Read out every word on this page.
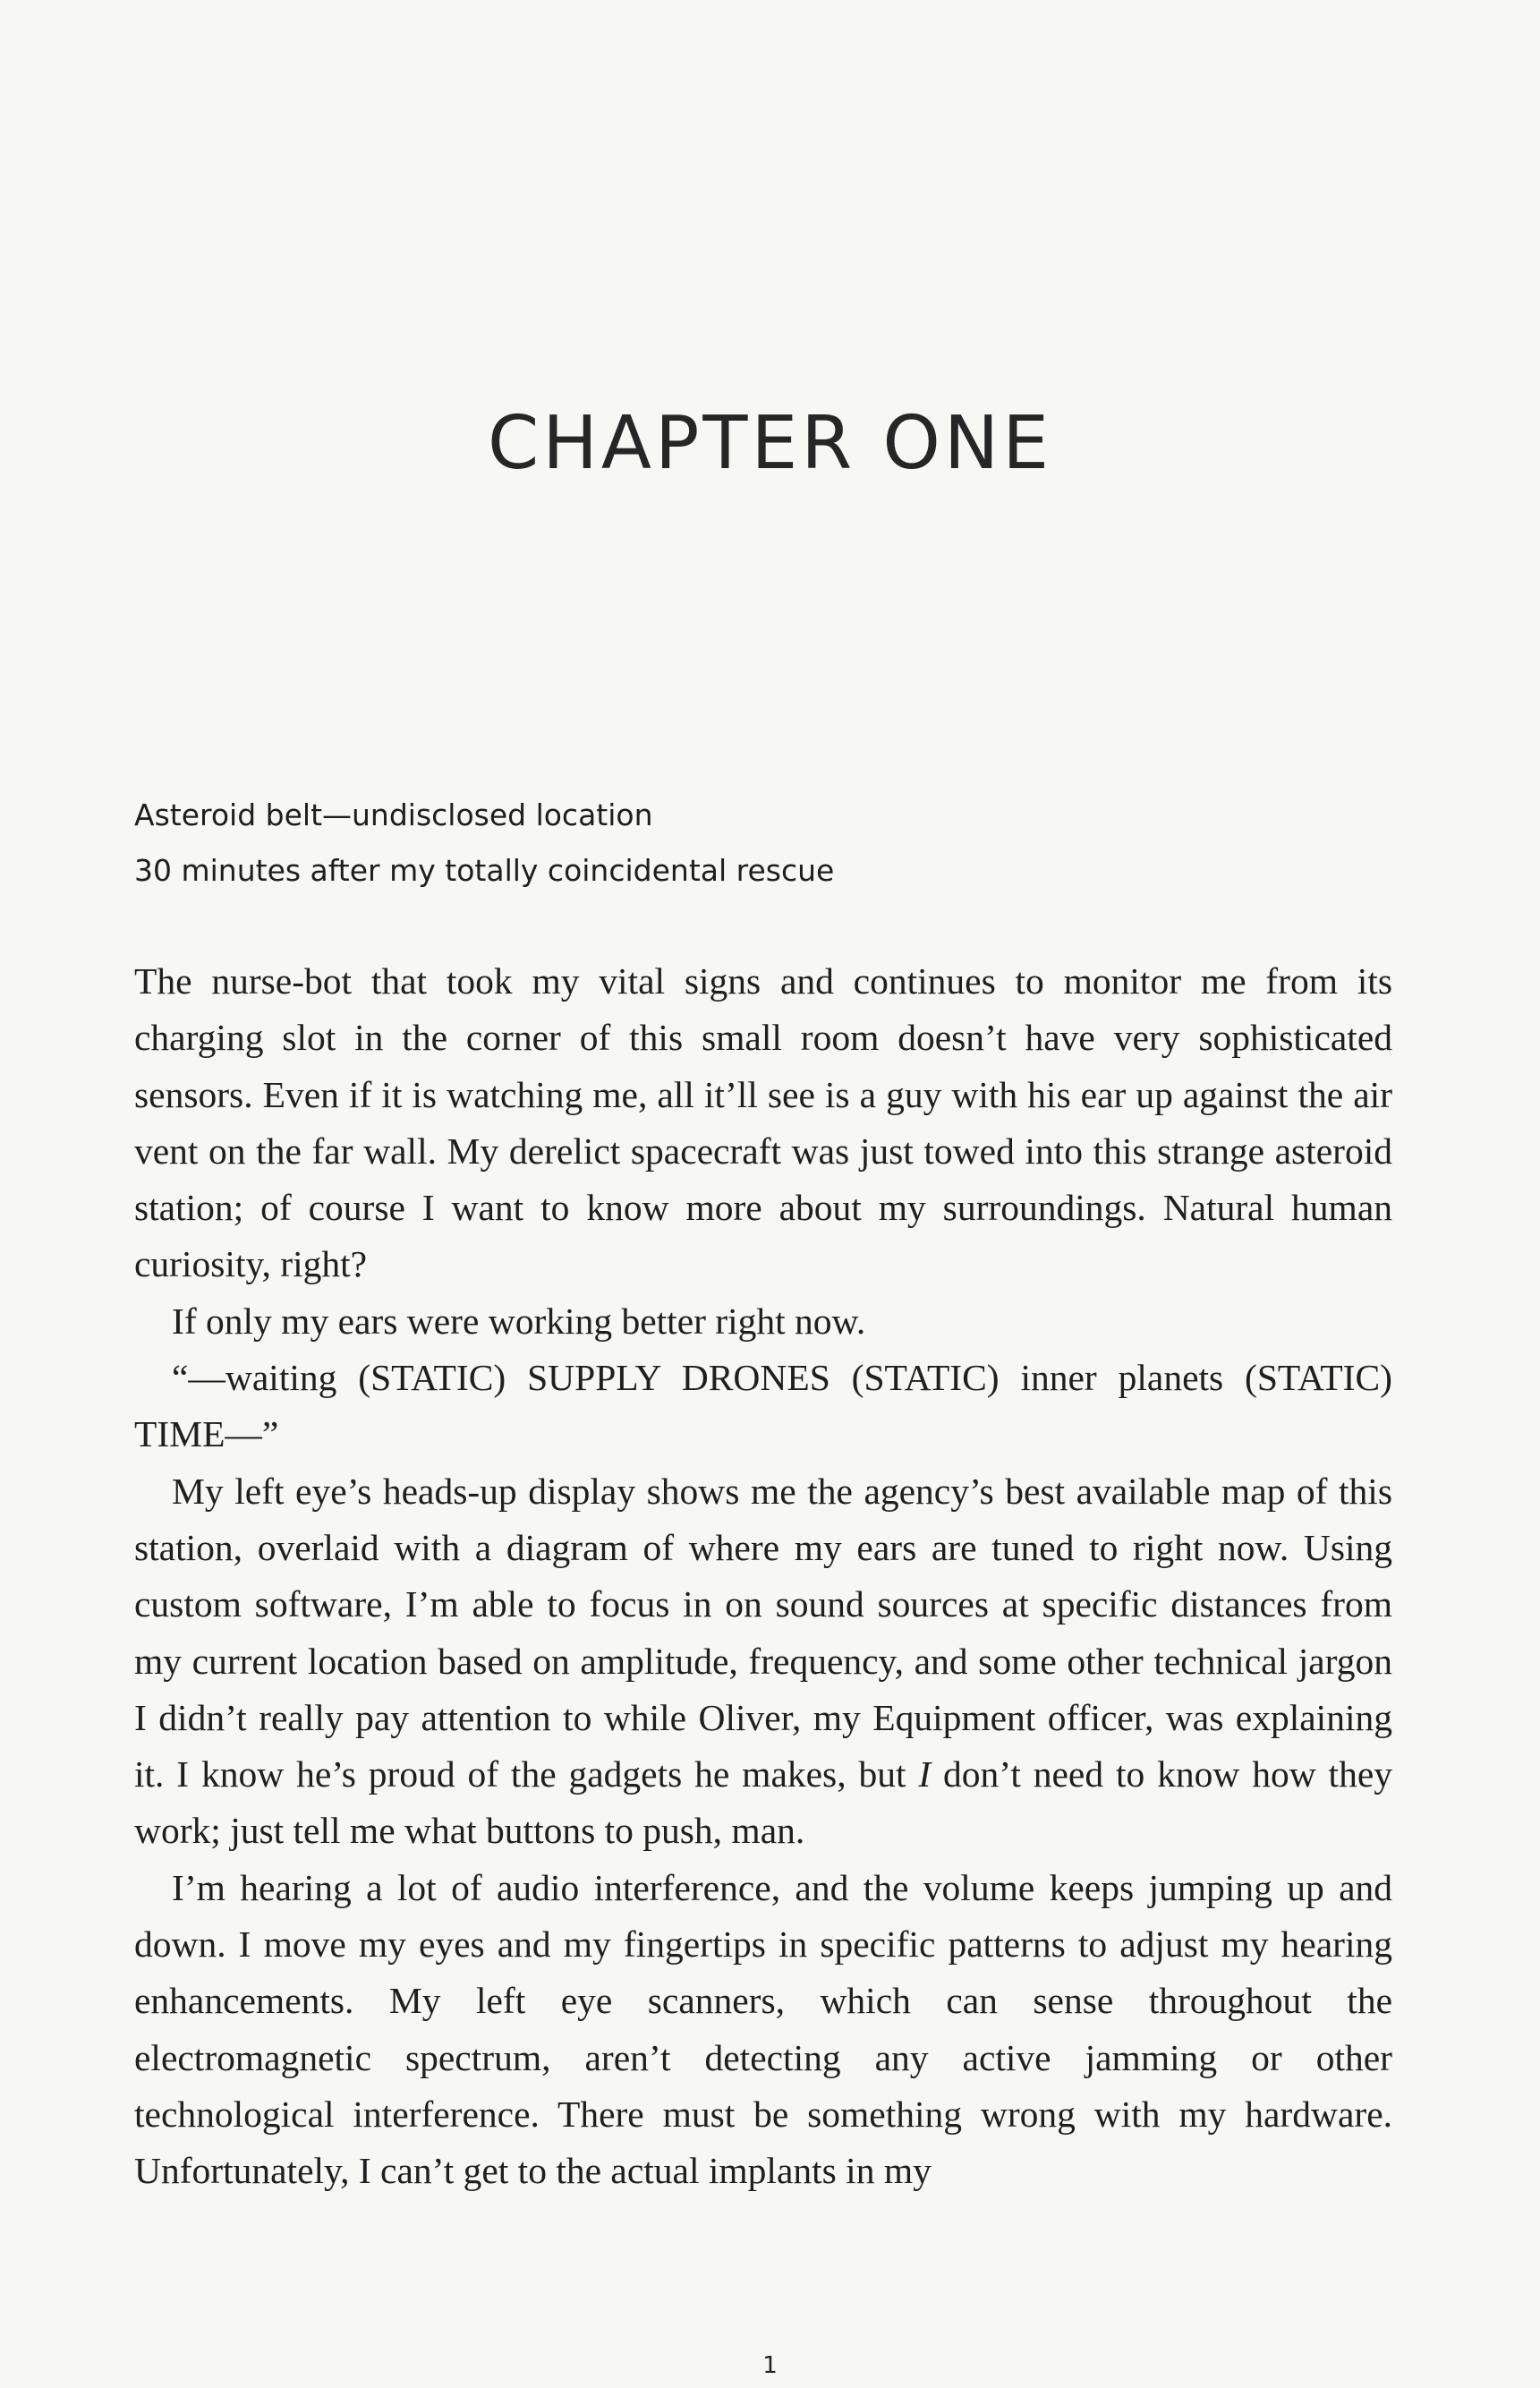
CHAPTER ONE
Asteroid belt—undisclosed location
30 minutes after my totally coincidental rescue

The nurse-bot that took my vital signs and continues to monitor me from its charging slot in the corner of this small room doesn’t have very sophisticated sensors. Even if it is watching me, all it’ll see is a guy with his ear up against the air vent on the far wall. My derelict spacecraft was just towed into this strange asteroid station; of course I want to know more about my surroundings. Natural human curiosity, right?

If only my ears were working better right now.

“—waiting (STATIC) SUPPLY DRONES (STATIC) inner planets (STATIC) TIME—”

My left eye’s heads-up display shows me the agency’s best available map of this station, overlaid with a diagram of where my ears are tuned to right now. Using custom software, I’m able to focus in on sound sources at specific distances from my current location based on amplitude, frequency, and some other technical jargon I didn’t really pay attention to while Oliver, my Equipment officer, was explaining it. I know he’s proud of the gadgets he makes, but I don’t need to know how they work; just tell me what buttons to push, man.

I’m hearing a lot of audio interference, and the volume keeps jumping up and down. I move my eyes and my fingertips in specific patterns to adjust my hearing enhancements. My left eye scanners, which can sense throughout the electromagnetic spectrum, aren’t detecting any active jamming or other technological interference. There must be something wrong with my hardware. Unfortunately, I can’t get to the actual implants in my

1
